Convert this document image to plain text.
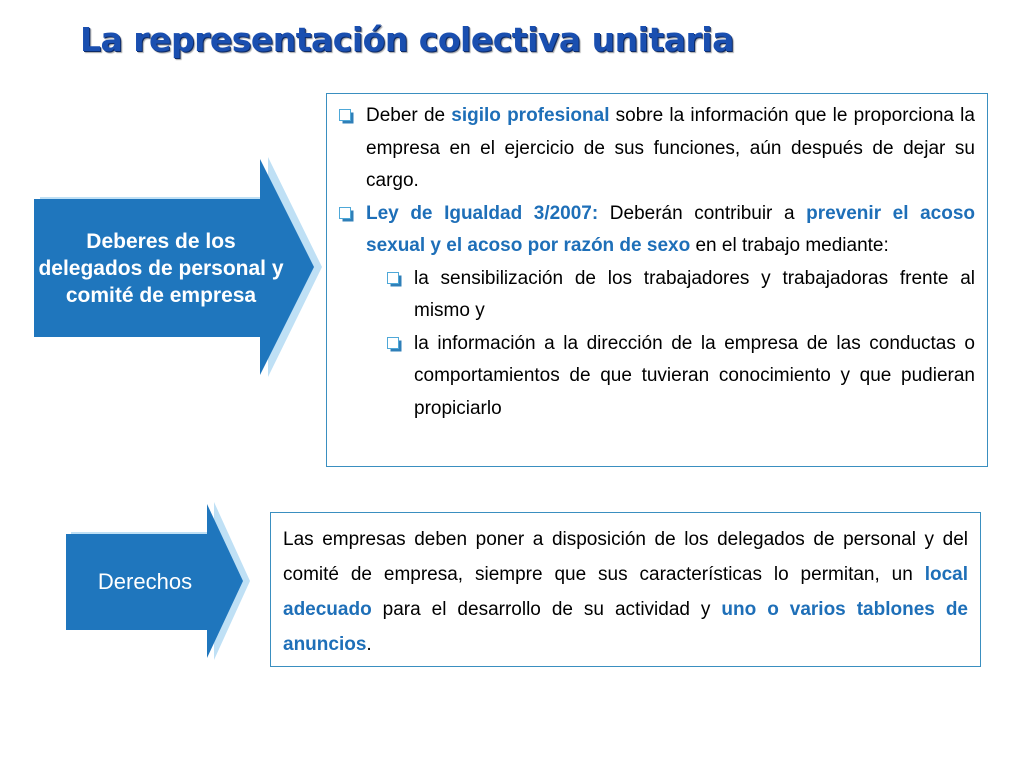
La representación colectiva unitaria
Deberes de los delegados de personal y comité de empresa
Deber de sigilo profesional sobre la información que le proporciona la empresa en el ejercicio de sus funciones, aún después de dejar su cargo.
Ley de Igualdad 3/2007: Deberán contribuir a prevenir el acoso sexual y el acoso por razón de sexo en el trabajo mediante:
la sensibilización de los trabajadores y trabajadoras frente al mismo y
la información a la dirección de la empresa de las conductas o comportamientos de que tuvieran conocimiento y que pudieran propiciarlo
Derechos
Las empresas deben poner a disposición de los delegados de personal y del comité de empresa, siempre que sus características lo permitan, un local adecuado para el desarrollo de su actividad y uno o varios tablones de anuncios.
